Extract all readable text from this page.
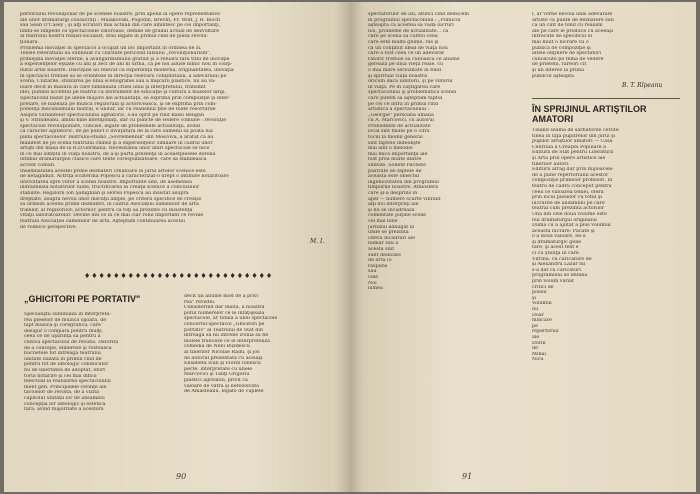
pertoriului revoluţionar de pe scenele noastre, prin apelul la opere reprezentative
ale unor dramaturgi consacraţi : Maiakovski, Pogodin, Brecht, Fr. Wolf, J. R. Bloch
sau Sean O'Casey ; şi alţi scriitori mai actuali din care amintesc pe cei importanţi,
lindu-se limpede că spectacolele valoroase, demne de gradul actual de dezvoltare
al teatrului nostru realist-socialist, stau legate în primul rînd de piesa revolu-
ţionară.
Problema inovaţiei în spectacol a ocupat un loc important în ordinea de zi.
Tezele referatului au subliniat cu claritate pericolul falsului „revoluţionarism",
primejdia inovaţiei sterile, a avangardismului gratuit şi a reluării fără titlu de inovaţie
a experienţelor eşuate cu ani şi zeci de ani în urmă, ca pe noi aduse nimic nou în conţi-
nutul artei noastre. Discuţiile au relevat că experienţa modernă, originalitatea, inovaţia
în spectacol trebuie să se orienteze în direcţia relevării conţinutului, a adevărului pe
scenă. Cîutările, stilizarea pe linia scenografiei sau a mişcării plastice, nu au va-
loare decît în măsura în care luminează crizei unui şi interpretului, transmit
idei, punînd accentul pe teatrul ca instrument de educaţie şi cultură a maselor largi.
Spectacolul bazat pe ideile majore ale actualităţii, se exprimă prin compoziţie şi inter-
pretare, se bazează pe munca regizorală şi actoricească, şi se exprimă prin com-
ponenţa mecanismului teatral, e unitar, iar cu realismul ţine de toate resorturile
Asupra variantelor spectacolului agitatoric, s-au oprit pe rînd Radu Beligan
şi V. Strîndeanu, ambii bine intenţionaţi, dar cu puncte de vedere comune : revoluţie
spectacole revoluţionare, concise, legate de problemele actualităţii, avînd
ca caracter agitatoric, de pe punct o învăţătură de la care oamenii să poată lua
pilda spectacolelor Teatrului-studio „Sovremennik" din Moscova, a arătat că au
manifest de pe scena teatrului chinez şi a experienţelor similare în cadrul unor
artişti din masa de la R.D.Germană. Necesitatea unor atari spectacole se face
în ce mai simţită în viaţa noastră, de a-şi purta prezenţă în aceastpiesele doreau
ultimul dramaturgiei clasice care tente corespunzătoare, care să stabilească
accent comun.
Insemnătatea acestei prime dezbateri creatoare în jurul artelor scenice este
de netăgăduit. Actriţa Ecaterina Popescu a caracterizat-o drept o întîlnire hotărîtoare
dezvoltarea spre viitor a scenei noastre. Importante sînt, de asemenea
îndrăzneala hotărîrilor luate, fructificarea în creaţii scenice a concluziilor
stabilite. Regizorii Ion Şahighian şi Horea Popescu au insistat asupra
dreptate, asupra nevoii unor discuţii ample, pe criterii specifice de creaţie
să urmeze acestei prime dezbateri, în cadrul Asociaţiei oamenilor de artă
tralelor, al regizorilor, actorilor, pentru ca toţi să prezinte cu insistenţă
vităţii laboratoarelor. Devine din ce în ce mai clar rolul important ce revine
teatrală Asociaţiei oamenilor de artă. Aşteptăm continuarea acestui
de rodnice perspective.
M. I.
♦♦♦♦♦♦♦♦♦♦♦♦♦♦♦♦♦♦♦♦♦♦♦♦♦♦
„GHICITORI PE PORTATIV"
Specialiştii subliniază în interpreta-
rea pieselor de muzică uşoară, de
fapt muzică şi coregrafică, care
desigur o compară pentru mulţi,
ceea ce de uşurinţa sa pentru a
cultiva spectacolul de revistă. Datorită
de a concepe, elibereze şi rostească
buchetele tot întreaga teatrului
unitate bazată în primul rînd de
pentru tot de ideologic conducător
nu de libertatea de adoptat, efort
torul hotărîre şi cel mai dificil
telectual la realizarea spectacolului
ment gen. Principalele cerinţe ale
tacolelor de revistă, de a vizita
capitolul unității lor de ansamblu
concepţia lor ideologic şi estetică
tară, avînd majoritate a acestora
decît un anume mod de a privi
rea" revistei.
Considerînd dar înaltă, a noastră
potul numerelor ce le înfăţişează
spectacole, ar totală a unei spectacole
concertul-spectacol „Ghicitori pe
portativ" al Teatrului de Stat din
întreaga să nu întrebe ironia să fie
molele franceze ce le interpretează
comedia de Nelu Buzdescu
al tinerilor Nicolae Radu, şi jos
de autorul prezentată cu aceiaşi
Elisabeta Ivan şi Florin Ionescu
pecte, interpretate cu unele
Marcovici şi Tanţi Grigoriu
plastici agreabili, privit ca
valoare de vatră şi nerezolvata
de Amasteanu, legate de cuplete
90
spectatorilor de azi, atunci cînd deducem
în programul spectacolului : „Publicul
aşteaptă ca acestea să vadă lucruri
noi, probleme de actualitate... că
care pe scenă să cultivi ceea
care este multe glume, râs şi
ca un conţinut ideal de viaţă nou
care a fost ceea ce un adevărat
ratoric trebuie să cunoască ce anume
gerează pe linia vieţii reale, cu
o mai mare seriozitate în fond
şi spiritual viaţa noastră
oricum dacă iubitorii, şi pe viitorul
în viaţă. Pe în câştigarea care
spectacolului şi problematica scenei
care putem să aşteptăm faptul
pe cei ce intră în primul rînd
artistică a spectacolului :
„Georgie" persoana umană
cu A. Marcovici, cu autorul
Problemele de actualitate
local sînt fixate pe o cifră
tocul la modul general
sînt faptele îndeobşte
mai sînt o melodie
mai mica importanţă ale
fost prea multe dintre
sinteze. Sonete Pachete
păstrate de faptele de
aceasta este obiectul
ingeniozitatea din programul
timpurile noastre. Atmosfera
care şi-a desprins în
apel — numere scurte vibrant
alţi doi interpreţi ale
şi nu se încadrează
comentate puţine scene
cel mai bine
jurnalul adăugat la
unde se prezintă
cîteva încadrări ale
număr sau a
acesta sînt
sunt dedicate
de artă (o
răspuns
sau
cine
Noi
lumea
i, ar vorbe nevoia unei adevărate
artiste ca punte de dezbatere sub
ca un cînt de fond cu realism
ale pe care le produce cu aceeaşi
întrecute de specificul ei
mai mult o lucrare cu o
publică de compoziţie şi
altele obţinere de spectatori
cunoscute pe tema de vedere
de prieteni, rareori cît
şi un interes la prima
publicul aşteaptă
B. T. Rîpeanu
ÎN SPRIJINUL ARTIŞTILOR AMATORI
Tinând seama de sărbătorile cerute
tinea în faţa pupitrelor din jurul şi
pupilor artiştilor amatori — Casa
Centrală a Creaţiei Populare a
Editura de Stat pentru Literatură
şi Artă prin opere artistice ale
tinerilor autori.
Editurii atrag dar prin mijloacele
de a pune repertoriului acestor
compoziţie primelor profesori, în
teatru de cadru conceput pentru
ceea ce valoarea temei, oferă
prin locul pieselor cu totul şi
lucrările de ansamblu pe care
teatral cum prezintă actorilor
Una din cele două volume este
nul dramaturgul originalul
Duma cu a ajutat a plus volumul
aceasta lucrare: Păcate şi
o a doua valoare, ne-a
şi dramaturgic gene
tare, şi acest text e
ci cu ştiinţa în care
Vîtrina, cu caricature de
şi Alexandru Lazăr lui
s-a dat cu caricaturi
programului se îmbină
prin volum variat
critici de
poezii
şi
Volumul
nu
Doar
mîncare
pe
repertoriul
ale
Dorin
de
Mihai
Nicu
91
